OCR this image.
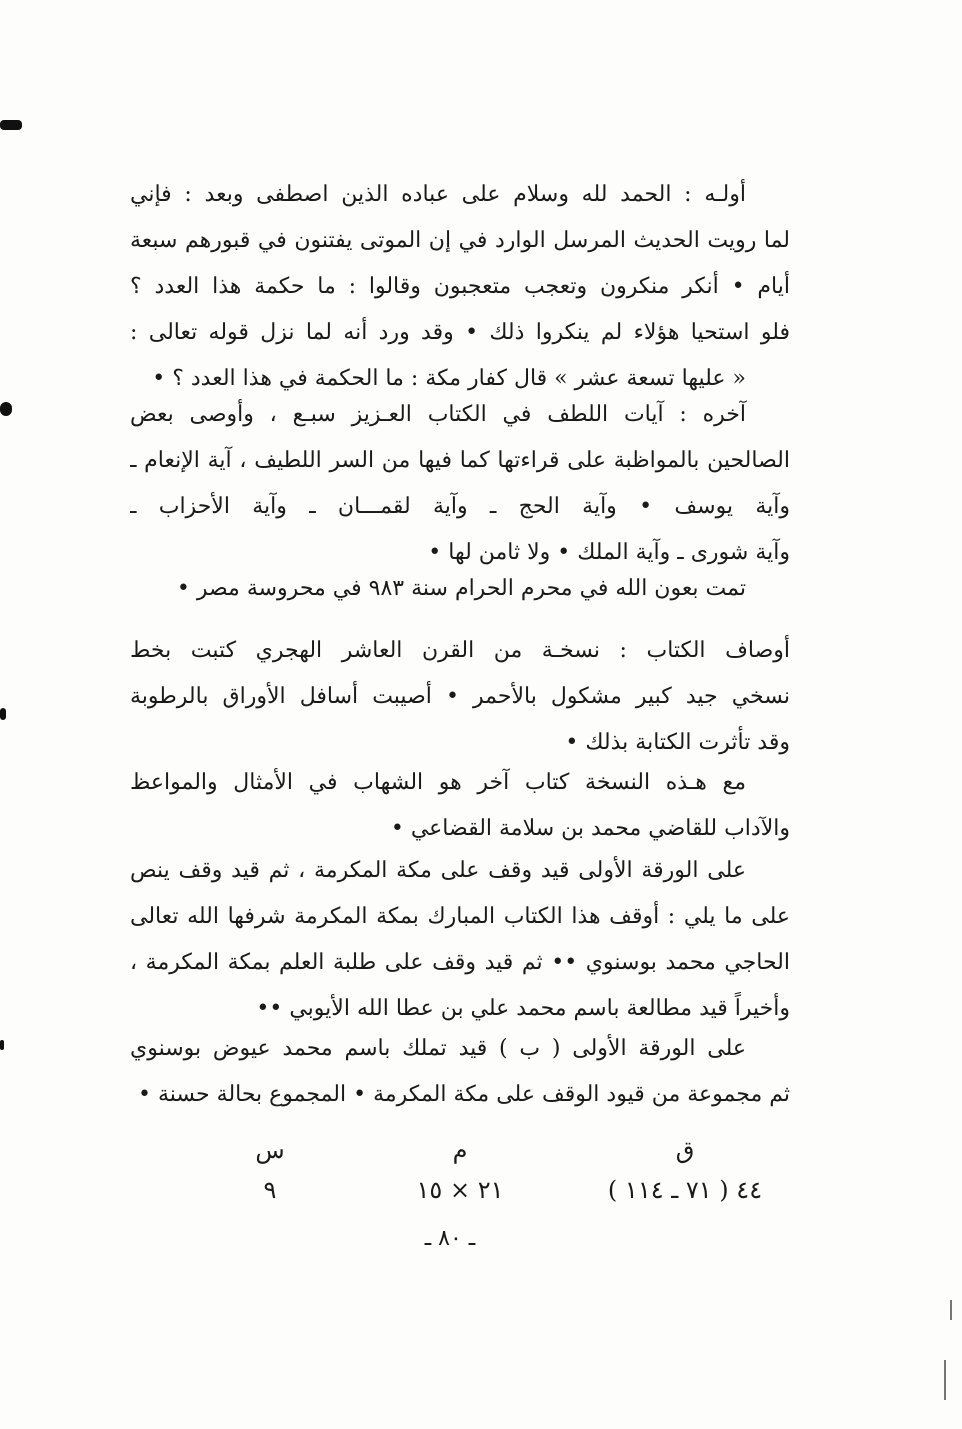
أولـه : الحمد لله وسلام على عباده الذين اصطفى وبعد : فإني
لما رويت الحديث المرسل الوارد في إن الموتى يفتنون في قبورهم سبعة
أيام • أنكر منكرون وتعجب متعجبون وقالوا : ما حكمة هذا العدد ؟
فلو استحيا هؤلاء لم ينكروا ذلك • وقد ورد أنه لما نزل قوله تعالى :
« عليها تسعة عشر » قال كفار مكة : ما الحكمة في هذا العدد ؟ •
آخره : آيات اللطف في الكتاب العـزيز سبـع ، وأوصى بعض
الصالحين بالمواظبة على قراءتها كما فيها من السر اللطيف ، آية الإنعام ـ
وآية يوسف • وآية الحج ـ وآية لقمـــان ـ وآية الأحزاب ـ
وآية شورى ـ وآية الملك • ولا ثامن لها •
تمت بعون الله في محرم الحرام سنة ٩٨٣ في محروسة مصر •
أوصاف الكتاب : نسخـة من القرن العاشر الهجري كتبت بخط
نسخي جيد كبير مشكول بالأحمر • أصيبت أسافل الأوراق بالرطوبة
وقد تأثرت الكتابة بذلك •
مع هـذه النسخة كتاب آخر هو الشهاب في الأمثال والمواعظ
والآداب للقاضي محمد بن سلامة القضاعي •
على الورقة الأولى قيد وقف على مكة المكرمة ، ثم قيد وقف ينص
على ما يلي : أوقف هذا الكتاب المبارك بمكة المكرمة شرفها الله تعالى
الحاجي محمد بوسنوي •• ثم قيد وقف على طلبة العلم بمكة المكرمة ،
وأخيراً قيد مطالعة باسم محمد علي بن عطا الله الأيوبي ••
على الورقة الأولى ( ب ) قيد تملك باسم محمد عيوض بوسنوي
ثم مجموعة من قيود الوقف على مكة المكرمة • المجموع بحالة حسنة •
ق
٤٤ ( ٧١ ـ ١١٤ )
م
٢١ × ١٥
س
٩
ـ ٨٠ ـ
